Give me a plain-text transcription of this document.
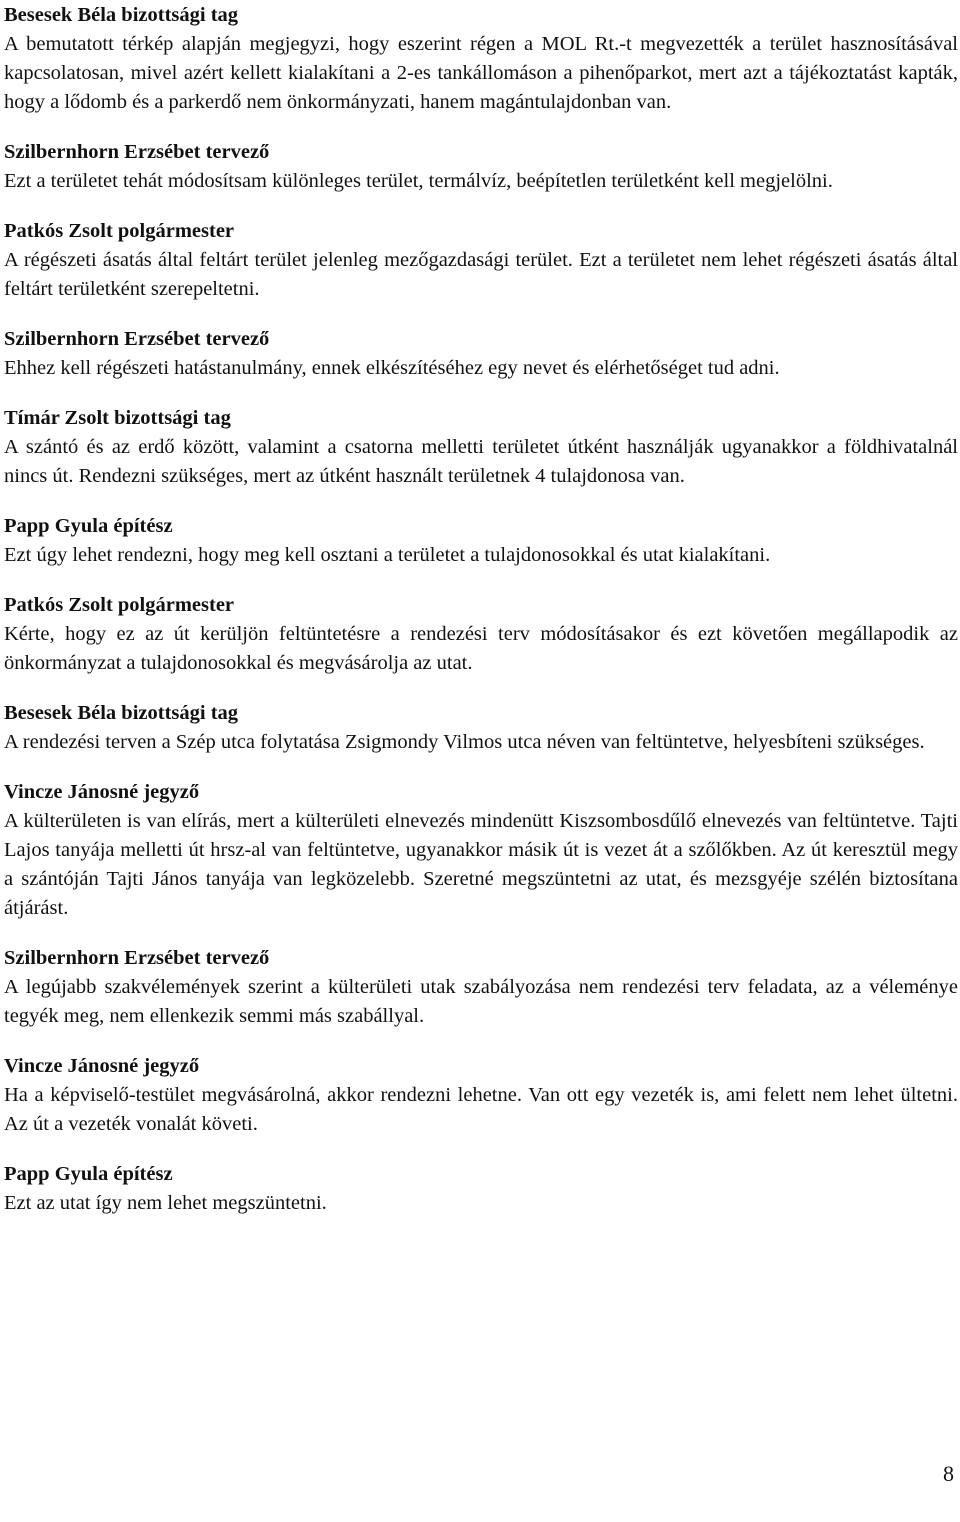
Besesek Béla bizottsági tag

A bemutatott térkép alapján megjegyzi, hogy eszerint régen a MOL Rt.-t megvezették a terület hasznosításával kapcsolatosan, mivel azért kellett kialakítani a 2-es tankállomáson a pihenőparkot, mert azt a tájékoztatást kapták, hogy a lődomb és a parkerdő nem önkormányzati, hanem magántulajdonban van.

Szilbernhorn Erzsébet tervező

Ezt a területet tehát módosítsam különleges terület, termálvíz, beépítetlen területként kell megjelölni.

Patkós Zsolt polgármester

A régészeti ásatás által feltárt terület jelenleg mezőgazdasági terület. Ezt a területet nem lehet régészeti ásatás által feltárt területként szerepeltetni.

Szilbernhorn Erzsébet tervező

Ehhez kell régészeti hatástanulmány, ennek elkészítéséhez egy nevet és elérhetőséget tud adni.

Tímár Zsolt bizottsági tag

A szántó és az erdő között, valamint a csatorna melletti területet útként használják ugyanakkor a földhivatalnál nincs út. Rendezni szükséges, mert az útként használt területnek 4 tulajdonosa van.

Papp Gyula építész

Ezt úgy lehet rendezni, hogy meg kell osztani a területet a tulajdonosokkal és utat kialakítani.

Patkós Zsolt polgármester

Kérte, hogy ez az út kerüljön feltüntetésre a rendezési terv módosításakor és ezt követően megállapodik az önkormányzat a tulajdonosokkal és megvásárolja az utat.

Besesek Béla bizottsági tag

A rendezési terven a Szép utca folytatása Zsigmondy Vilmos utca néven van feltüntetve, helyesbíteni szükséges.

Vincze Jánosné jegyző

A külterületen is van elírás, mert a külterületi elnevezés mindenütt Kiszsombosdűlő elnevezés van feltüntetve. Tajti Lajos tanyája melletti út hrsz-al van feltüntetve, ugyanakkor másik út is vezet át a szőlőkben. Az út keresztül megy a szántóján Tajti János tanyája van legközelebb. Szeretné megszüntetni az utat, és mezsgyéje szélén biztosítana átjárást.

Szilbernhorn Erzsébet tervező

A legújabb szakvélemények szerint a külterületi utak szabályozása nem rendezési terv feladata, az a véleménye tegyék meg, nem ellenkezik semmi más szabállyal.

Vincze Jánosné jegyző

Ha a képviselő-testület megvásárolná, akkor rendezni lehetne. Van ott egy vezeték is, ami felett nem lehet ültetni. Az út a vezeték vonalát követi.

Papp Gyula építész

Ezt az utat így nem lehet megszüntetni.

8
